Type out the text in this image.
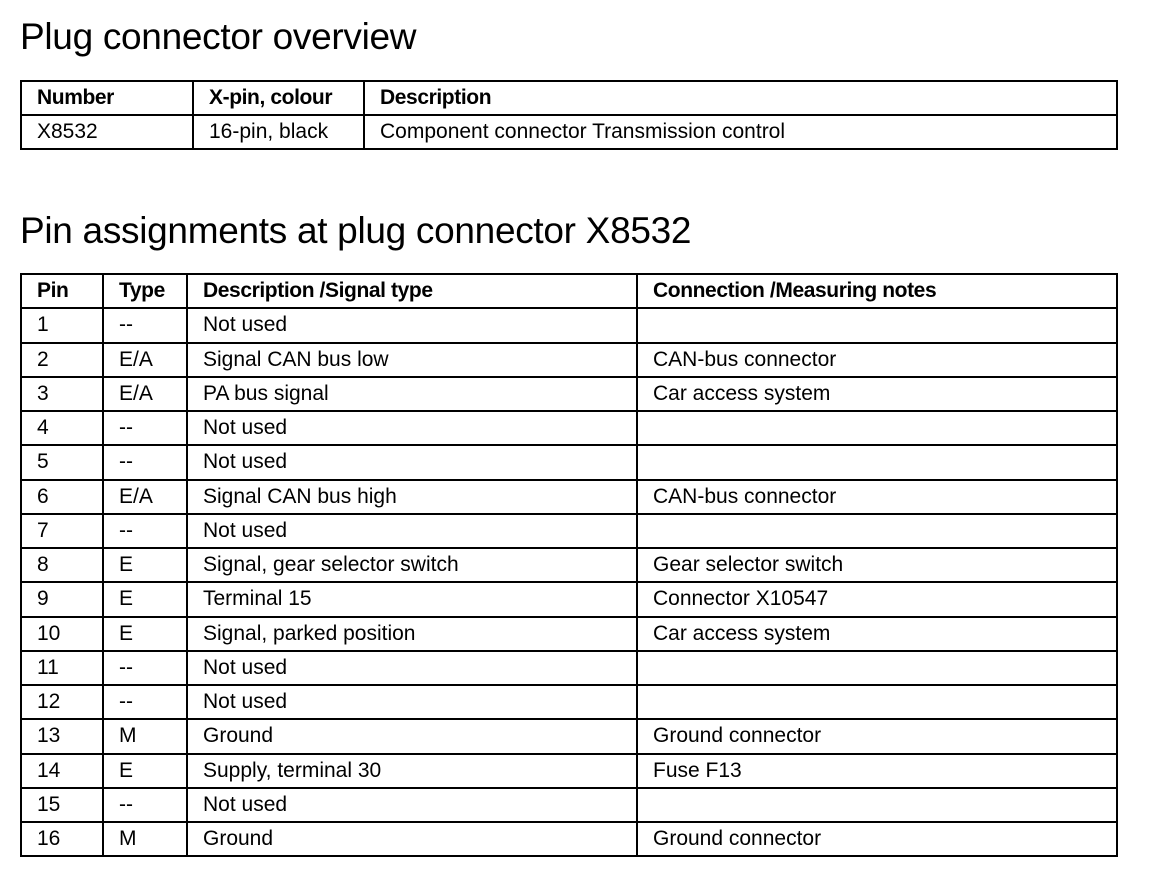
Plug connector overview
Number	X-pin, colour	Description
X8532	16-pin, black	Component connector Transmission control
Pin assignments at plug connector X8532
Pin	Type	Description /Signal type	Connection /Measuring notes
1	--	Not used	
2	E/A	Signal CAN bus low	CAN-bus connector
3	E/A	PA bus signal	Car access system
4	--	Not used	
5	--	Not used	
6	E/A	Signal CAN bus high	CAN-bus connector
7	--	Not used	
8	E	Signal, gear selector switch	Gear selector switch
9	E	Terminal 15	Connector X10547
10	E	Signal, parked position	Car access system
11	--	Not used	
12	--	Not used	
13	M	Ground	Ground connector
14	E	Supply, terminal 30	Fuse F13
15	--	Not used	
16	M	Ground	Ground connector
